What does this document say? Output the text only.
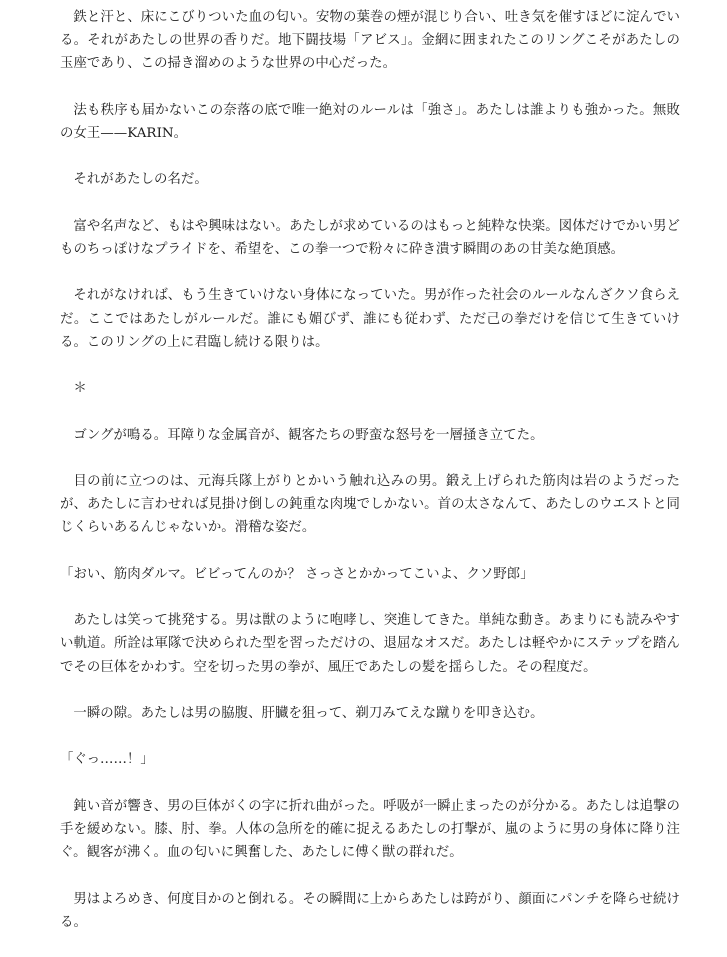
鉄と汗と、床にこびりついた血の匂い。安物の葉巻の煙が混じり合い、吐き気を催すほどに淀んでいる。それがあたしの世界の香りだ。地下闘技場「アビス」。金網に囲まれたこのリングこそがあたしの玉座であり、この掃き溜めのような世界の中心だった。

法も秩序も届かないこの奈落の底で唯一絶対のルールは「強さ」。あたしは誰よりも強かった。無敗の女王——KARIN。

それがあたしの名だ。

富や名声など、もはや興味はない。あたしが求めているのはもっと純粋な快楽。図体だけでかい男どものちっぽけなプライドを、希望を、この拳一つで粉々に砕き潰す瞬間のあの甘美な絶頂感。

それがなければ、もう生きていけない身体になっていた。男が作った社会のルールなんざクソ食らえだ。ここではあたしがルールだ。誰にも媚びず、誰にも従わず、ただ己の拳だけを信じて生きていける。このリングの上に君臨し続ける限りは。

＊

ゴングが鳴る。耳障りな金属音が、観客たちの野蛮な怒号を一層掻き立てた。

目の前に立つのは、元海兵隊上がりとかいう触れ込みの男。鍛え上げられた筋肉は岩のようだったが、あたしに言わせれば見掛け倒しの鈍重な肉塊でしかない。首の太さなんて、あたしのウエストと同じくらいあるんじゃないか。滑稽な姿だ。

「おい、筋肉ダルマ。ビビってんのか？ さっさとかかってこいよ、クソ野郎」

あたしは笑って挑発する。男は獣のように咆哮し、突進してきた。単純な動き。あまりにも読みやすい軌道。所詮は軍隊で決められた型を習っただけの、退屈なオスだ。あたしは軽やかにステップを踏んでその巨体をかわす。空を切った男の拳が、風圧であたしの髪を揺らした。その程度だ。

一瞬の隙。あたしは男の脇腹、肝臓を狙って、剃刀みてえな蹴りを叩き込む。

「ぐっ……！」

鈍い音が響き、男の巨体がくの字に折れ曲がった。呼吸が一瞬止まったのが分かる。あたしは追撃の手を緩めない。膝、肘、拳。人体の急所を的確に捉えるあたしの打撃が、嵐のように男の身体に降り注ぐ。観客が沸く。血の匂いに興奮した、あたしに傅く獣の群れだ。

男はよろめき、何度目かのと倒れる。その瞬間に上からあたしは跨がり、顔面にパンチを降らせ続ける。
